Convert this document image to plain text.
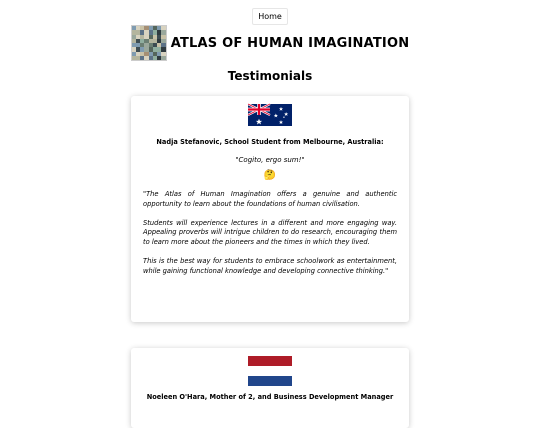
Home
ATLAS OF HUMAN IMAGINATION
Testimonials
Nadja Stefanovic, School Student from Melbourne, Australia:
"Cogito, ergo sum!"
🤔

"The Atlas of Human Imagination offers a genuine and authentic opportunity to learn about the foundations of human civilisation.

Students will experience lectures in a different and more engaging way. Appealing proverbs will intrigue children to do research, encouraging them to learn more about the pioneers and the times in which they lived.

This is the best way for students to embrace schoolwork as entertainment, while gaining functional knowledge and developing connective thinking."

Noeleen O'Hara, Mother of 2, and Business Development Manager
